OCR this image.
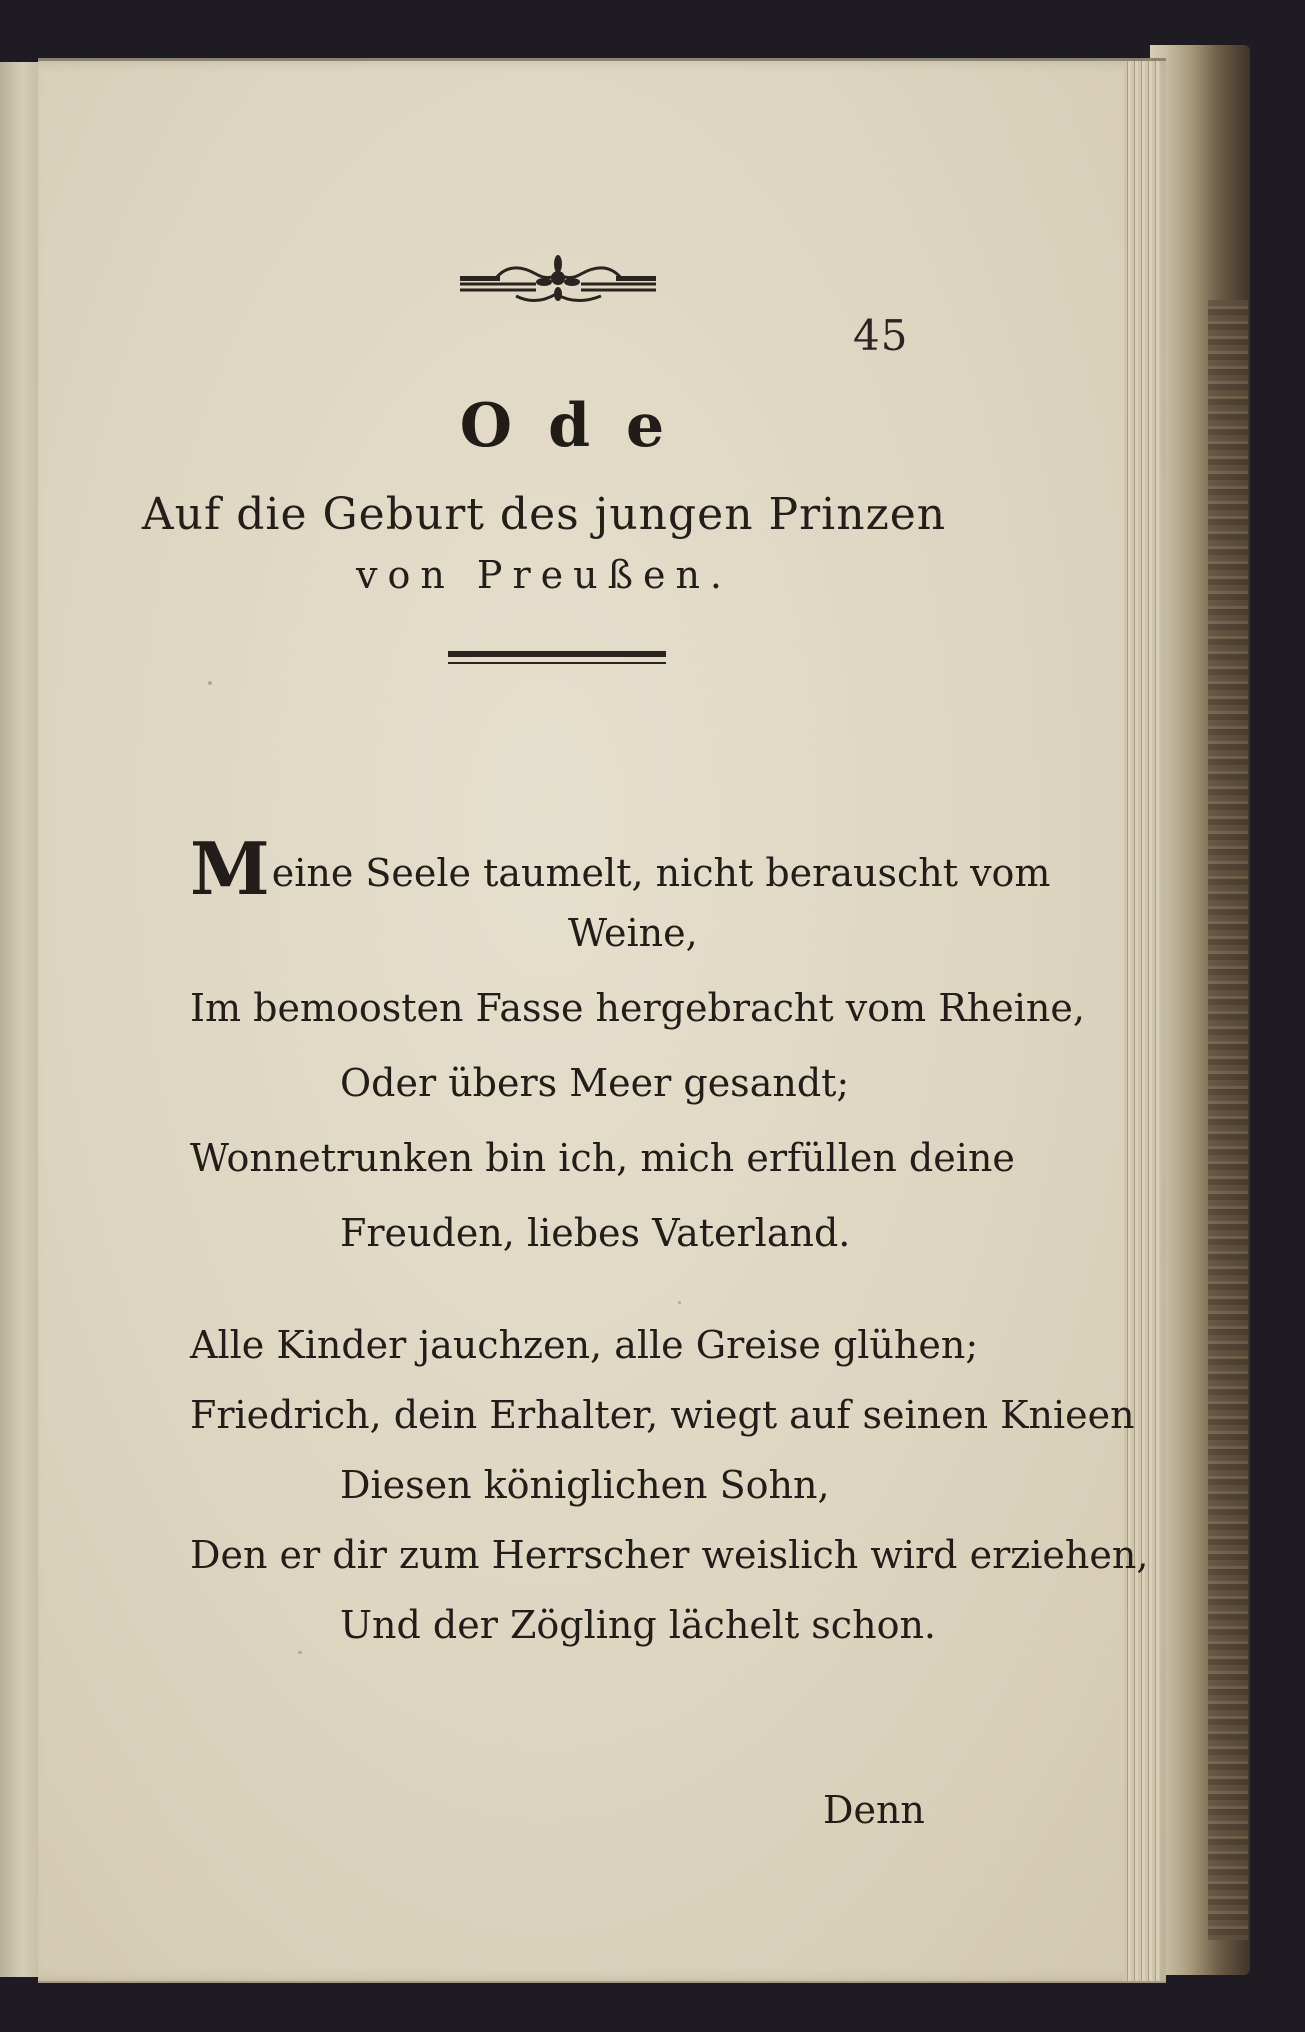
45
Ode
Auf die Geburt des jungen Prinzen
von Preußen.
Meine Seele taumelt, nicht berauscht vom
Weine,
Im bemoosten Fasse hergebracht vom Rheine,
Oder übers Meer gesandt;
Wonnetrunken bin ich, mich erfüllen deine
Freuden, liebes Vaterland.
Alle Kinder jauchzen, alle Greise glühen;
Friedrich, dein Erhalter, wiegt auf seinen Knieen
Diesen königlichen Sohn,
Den er dir zum Herrscher weislich wird erziehen,
Und der Zögling lächelt schon.
Denn
